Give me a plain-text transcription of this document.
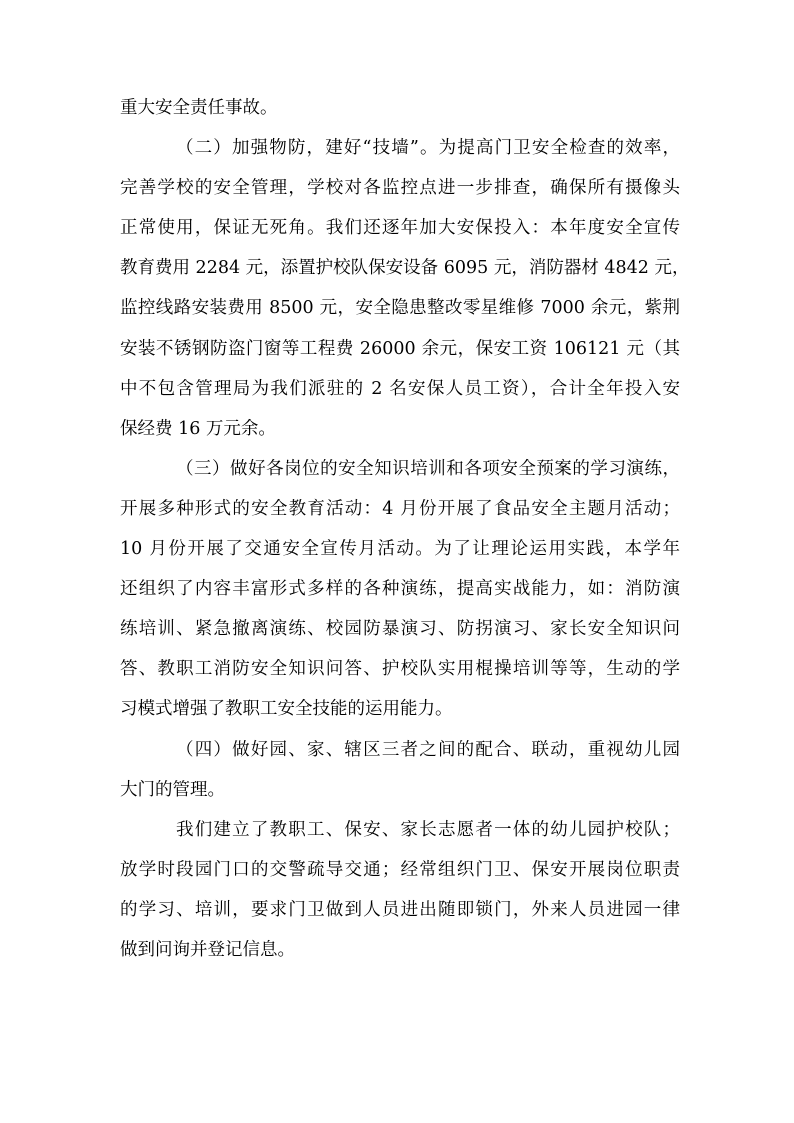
重大安全责任事故。
（二）加强物防，建好“技墙”。为提高门卫安全检查的效率，
完善学校的安全管理，学校对各监控点进一步排查，确保所有摄像头
正常使用，保证无死角。我们还逐年加大安保投入：本年度安全宣传
教育费用 2284 元，添置护校队保安设备 6095 元，消防器材 4842 元，
监控线路安装费用 8500 元，安全隐患整改零星维修 7000 余元，紫荆
安装不锈钢防盗门窗等工程费 26000 余元，保安工资 106121 元（其
中不包含管理局为我们派驻的 2 名安保人员工资），合计全年投入安
保经费 16 万元余。
（三）做好各岗位的安全知识培训和各项安全预案的学习演练，
开展多种形式的安全教育活动：4 月份开展了食品安全主题月活动；
10 月份开展了交通安全宣传月活动。为了让理论运用实践，本学年
还组织了内容丰富形式多样的各种演练，提高实战能力，如：消防演
练培训、紧急撤离演练、校园防暴演习、防拐演习、家长安全知识问
答、教职工消防安全知识问答、护校队实用棍操培训等等，生动的学
习模式增强了教职工安全技能的运用能力。
（四）做好园、家、辖区三者之间的配合、联动，重视幼儿园
大门的管理。
我们建立了教职工、保安、家长志愿者一体的幼儿园护校队；
放学时段园门口的交警疏导交通；经常组织门卫、保安开展岗位职责
的学习、培训，要求门卫做到人员进出随即锁门，外来人员进园一律
做到问询并登记信息。
